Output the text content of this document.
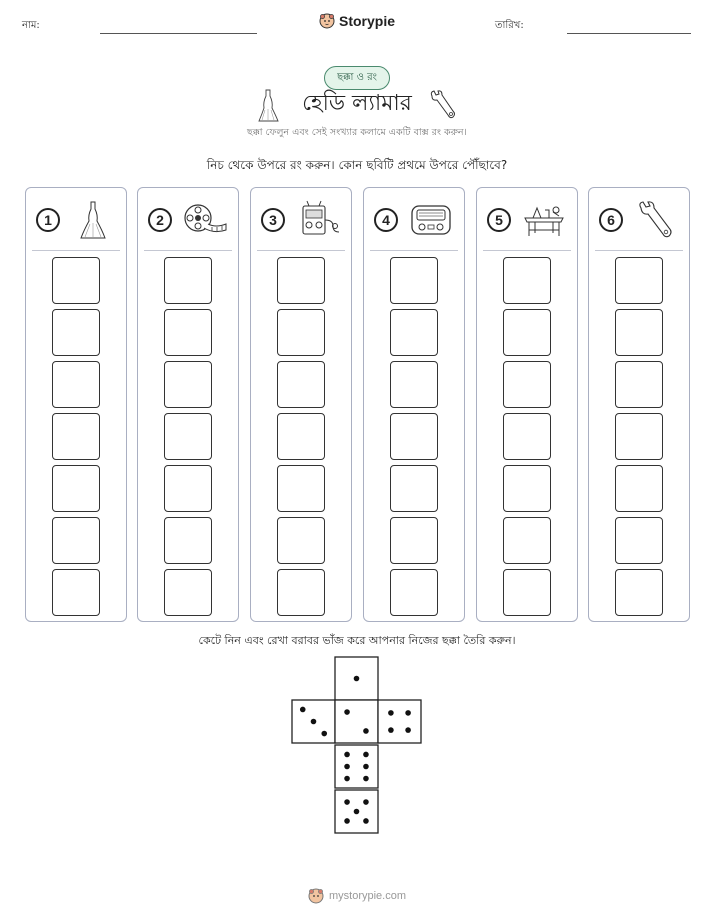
নাম:	Storypie	তারিখ:
ছক্কা ও রং
হেডি ল্যামার
ছক্কা ফেলুন এবং সেই সংখ্যার কলামে একটি বাক্স রং করুন।
নিচ থেকে উপরে রং করুন। কোন ছবিটি প্রথমে উপরে পৌঁছাবে?
1	2	3	4	5	6
কেটে নিন এবং রেখা বরাবর ভাঁজ করে আপনার নিজের ছক্কা তৈরি করুন।
mystorypie.com
